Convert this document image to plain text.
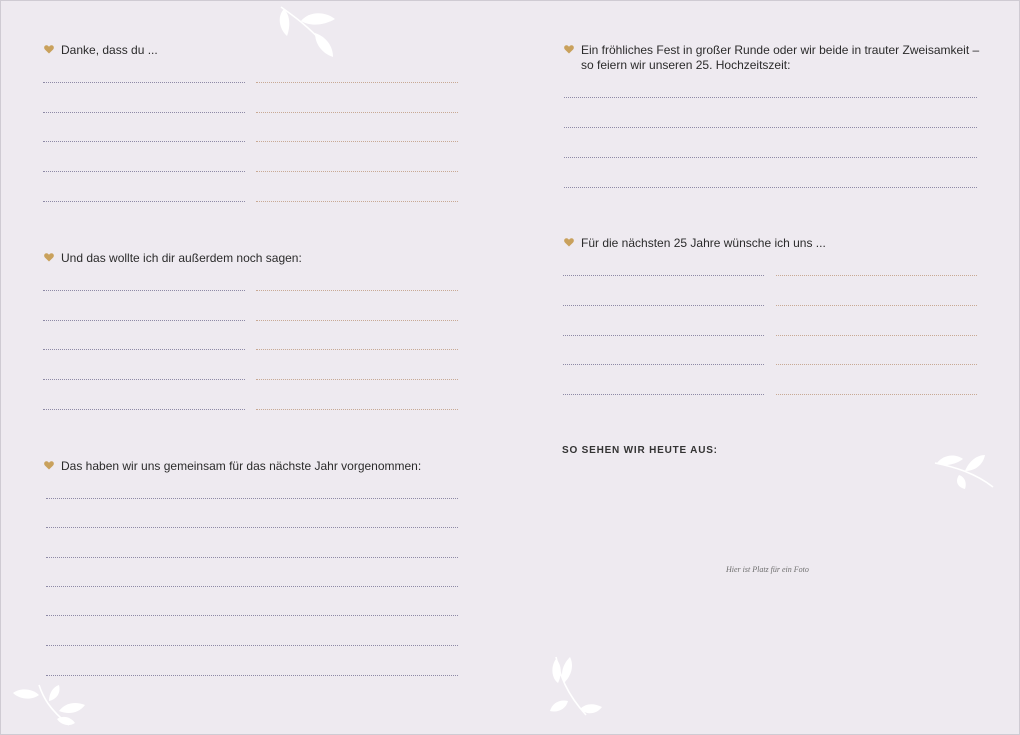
Danke, dass du ...
Und das wollte ich dir außerdem noch sagen:
Das haben wir uns gemeinsam für das nächste Jahr vorgenommen:
Ein fröhliches Fest in großer Runde oder wir beide in trauter Zweisamkeit –
so feiern wir unseren 25. Hochzeitszeit:
Für die nächsten 25 Jahre wünsche ich uns ...
SO SEHEN WIR HEUTE AUS:
Hier ist Platz für ein Foto
